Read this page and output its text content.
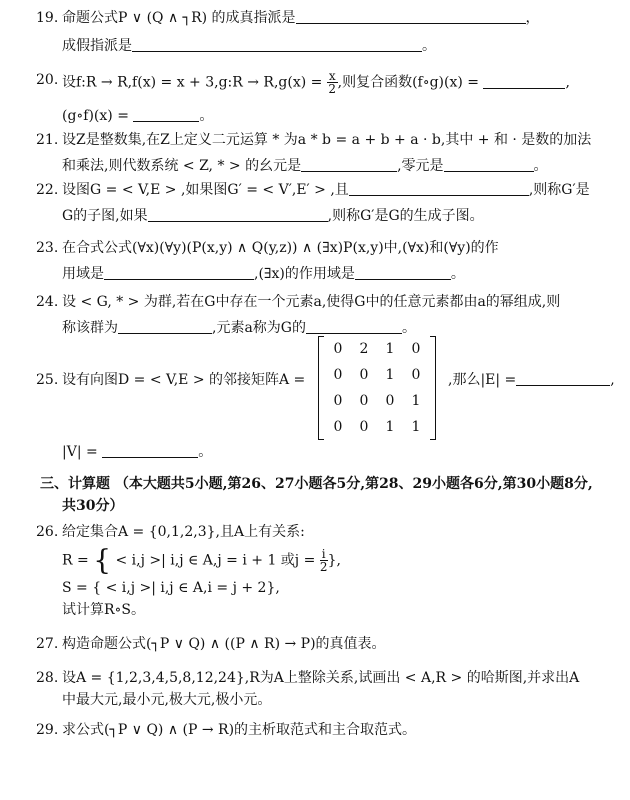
19. 命题公式P ∨ (Q ∧ ┐R) 的成真指派是	，
成假指派是	。
20. 设f:R → R,f(x) = x + 3,g:R → $R,g(x) = \frac{x}{2}$ ,则复合函数(f∘g)(x) =	,
(g∘f)(x) =	。
21. 设Z是整数集,在Z上定义二元运算 * 为a * b = a + b + a · b,其中 + 和 · 是数的加法
和乘法,则代数系统 < Z, * > 的幺元是	,零元是	。
22. 设图G = < V,E > ,如果图G′ = < V′,E′ > ,且	,则称G′是
G的子图,如果	,则称G′是G的生成子图。
23. 在合式公式(∀x)(∀y)(P(x,y) ∧ Q(y,z)) ∧ (∃x)P(x,y)中,(∀x)和(∀y)的作
用域是	,(∃x)的作用域是	。
24. 设 < G, * > 为群,若在G中存在一个元素a,使得G中的任意元素都由a的幂组成,则
称该群为	,元素a称为G的	。
25. 设有向图D = < V,E > 的邻接矩阵A =
0	2	1	0
0	0	1	0
0	0	0	1
0	0	1	1
,那么|E| =	,
|V| =	。
三、计算题 （本大题共5小题,第26、27小题各5分,第28、29小题各6分,第30小题8分,
共30分）
26. 给定集合A = {0,1,2,3},且A上有关系:
R = { < i,j >| i,j ∈ A,j = i + 1 或$j = \frac{i}{2}$ },
S = { < i,j >| i,j ∈ A,i = j + 2},
试计算R∘S。
27. 构造命题公式(┐P ∨ Q) ∧ ((P ∧ R) → P)的真值表。
28. 设A = {1,2,3,4,5,8,12,24},R为A上整除关系,试画出 < A,R > 的哈斯图,并求出A
中最大元,最小元,极大元,极小元。
29. 求公式(┐P ∨ Q) ∧ (P → R)的主析取范式和主合取范式。
